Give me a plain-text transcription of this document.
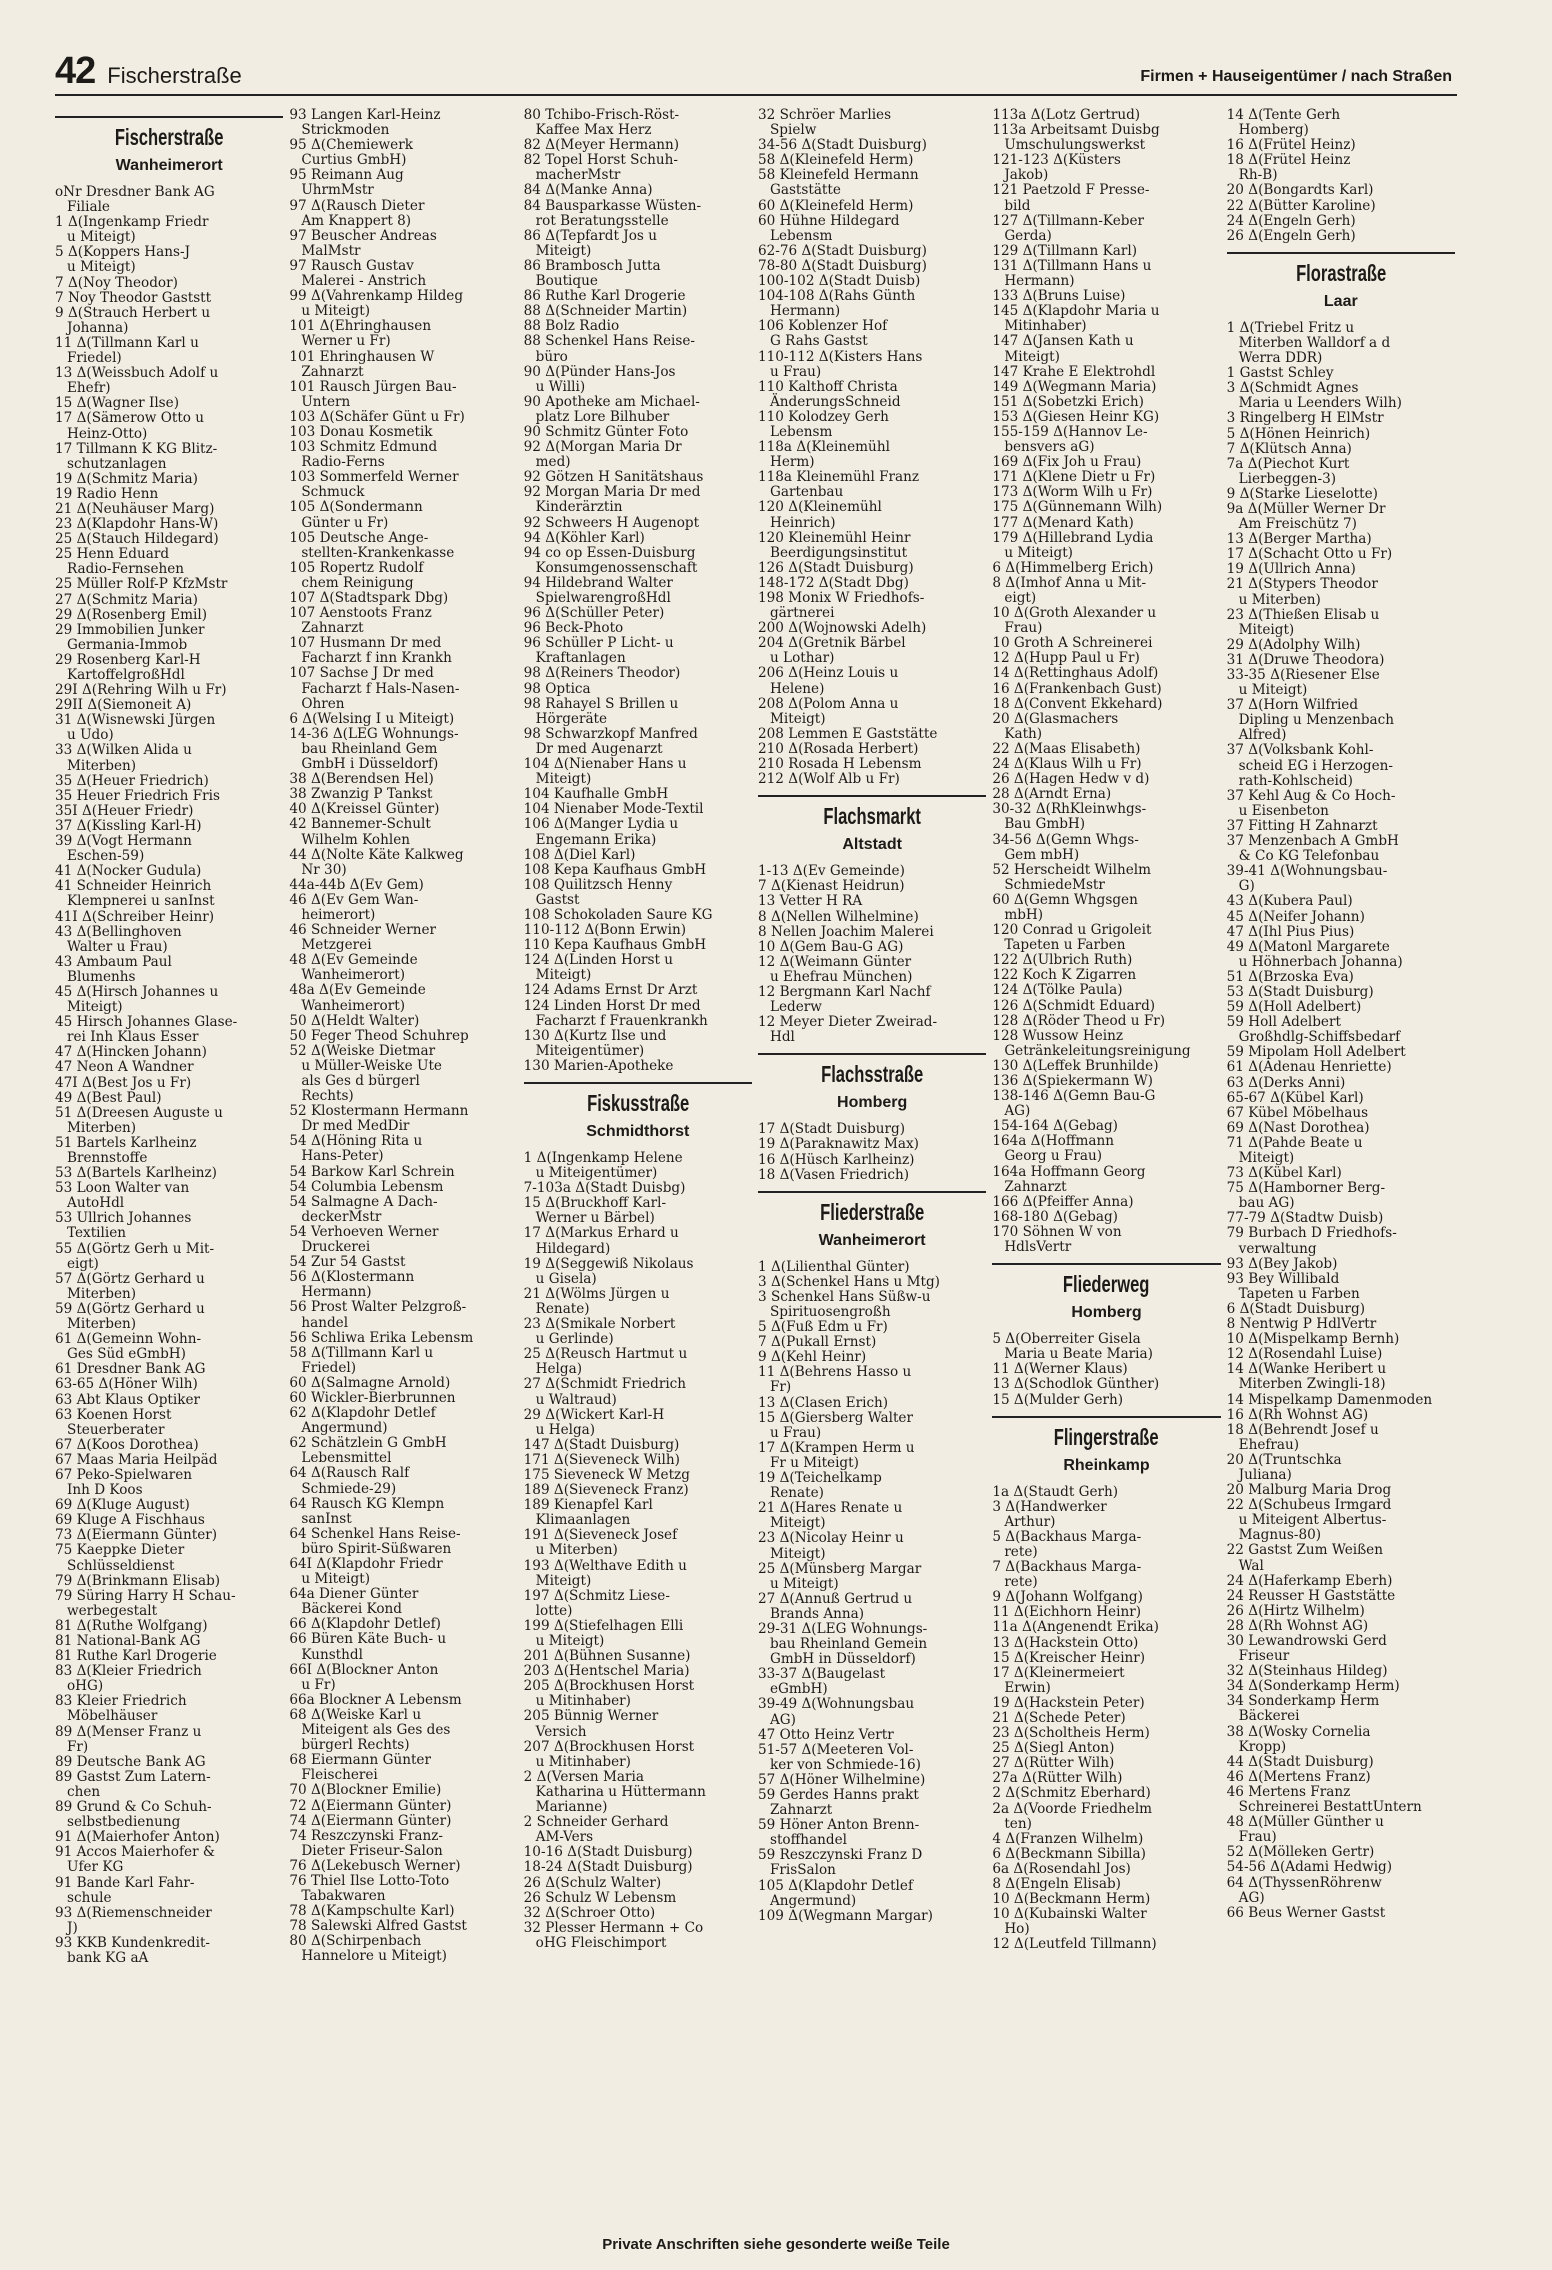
42 Fischerstraße	Firmen + Hauseigentümer / nach Straßen
Fischerstraße
Wanheimerort
oNr Dresdner Bank AG
Filiale
1 Δ(Ingenkamp Friedr
u Miteigt)
5 Δ(Koppers Hans-J
u Miteigt)
7 Δ(Noy Theodor)
7 Noy Theodor Gaststt
9 Δ(Strauch Herbert u
Johanna)
11 Δ(Tillmann Karl u
Friedel)
13 Δ(Weissbuch Adolf u
Ehefr)
15 Δ(Wagner Ilse)
17 Δ(Sämerow Otto u
Heinz-Otto)
17 Tillmann K KG Blitz-
schutzanlagen
19 Δ(Schmitz Maria)
19 Radio Henn
21 Δ(Neuhäuser Marg)
23 Δ(Klapdohr Hans-W)
25 Δ(Stauch Hildegard)
25 Henn Eduard
Radio-Fernsehen
25 Müller Rolf-P KfzMstr
27 Δ(Schmitz Maria)
29 Δ(Rosenberg Emil)
29 Immobilien Junker
Germania-Immob
29 Rosenberg Karl-H
KartoffelgroßHdl
29I Δ(Rehring Wilh u Fr)
29II Δ(Siemoneit A)
31 Δ(Wisnewski Jürgen
u Udo)
33 Δ(Wilken Alida u
Miterben)
35 Δ(Heuer Friedrich)
35 Heuer Friedrich Fris
35I Δ(Heuer Friedr)
37 Δ(Kissling Karl-H)
39 Δ(Vogt Hermann
Eschen-59)
41 Δ(Nocker Gudula)
41 Schneider Heinrich
Klempnerei u sanInst
41I Δ(Schreiber Heinr)
43 Δ(Bellinghoven
Walter u Frau)
43 Ambaum Paul
Blumenhs
45 Δ(Hirsch Johannes u
Miteigt)
45 Hirsch Johannes Glase-
rei Inh Klaus Esser
47 Δ(Hincken Johann)
47 Neon A Wandner
47I Δ(Best Jos u Fr)
49 Δ(Best Paul)
51 Δ(Dreesen Auguste u
Miterben)
51 Bartels Karlheinz
Brennstoffe
53 Δ(Bartels Karlheinz)
53 Loon Walter van
AutoHdl
53 Ullrich Johannes
Textilien
55 Δ(Görtz Gerh u Mit-
eigt)
57 Δ(Görtz Gerhard u
Miterben)
59 Δ(Görtz Gerhard u
Miterben)
61 Δ(Gemeinn Wohn-
Ges Süd eGmbH)
61 Dresdner Bank AG
63-65 Δ(Höner Wilh)
63 Abt Klaus Optiker
63 Koenen Horst
Steuerberater
67 Δ(Koos Dorothea)
67 Maas Maria Heilpäd
67 Peko-Spielwaren
Inh D Koos
69 Δ(Kluge August)
69 Kluge A Fischhaus
73 Δ(Eiermann Günter)
75 Kaeppke Dieter
Schlüsseldienst
79 Δ(Brinkmann Elisab)
79 Süring Harry H Schau-
werbegestalt
81 Δ(Ruthe Wolfgang)
81 National-Bank AG
81 Ruthe Karl Drogerie
83 Δ(Kleier Friedrich
oHG)
83 Kleier Friedrich
Möbelhäuser
89 Δ(Menser Franz u
Fr)
89 Deutsche Bank AG
89 Gastst Zum Latern-
chen
89 Grund & Co Schuh-
selbstbedienung
91 Δ(Maierhofer Anton)
91 Accos Maierhofer &
Ufer KG
91 Bande Karl Fahr-
schule
93 Δ(Riemenschneider
J)
93 KKB Kundenkredit-
bank KG aA
93 Langen Karl-Heinz
Strickmoden
95 Δ(Chemiewerk
Curtius GmbH)
95 Reimann Aug
UhrmMstr
97 Δ(Rausch Dieter
Am Knappert 8)
97 Beuscher Andreas
MalMstr
97 Rausch Gustav
Malerei - Anstrich
99 Δ(Vahrenkamp Hildeg
u Miteigt)
101 Δ(Ehringhausen
Werner u Fr)
101 Ehringhausen W
Zahnarzt
101 Rausch Jürgen Bau-
Untern
103 Δ(Schäfer Günt u Fr)
103 Donau Kosmetik
103 Schmitz Edmund
Radio-Ferns
103 Sommerfeld Werner
Schmuck
105 Δ(Sondermann
Günter u Fr)
105 Deutsche Ange-
stellten-Krankenkasse
105 Ropertz Rudolf
chem Reinigung
107 Δ(Stadtspark Dbg)
107 Aenstoots Franz
Zahnarzt
107 Husmann Dr med
Facharzt f inn Krankh
107 Sachse J Dr med
Facharzt f Hals-Nasen-
Ohren
6 Δ(Welsing I u Miteigt)
14-36 Δ(LEG Wohnungs-
bau Rheinland Gem
GmbH i Düsseldorf)
38 Δ(Berendsen Hel)
38 Zwanzig P Tankst
40 Δ(Kreissel Günter)
42 Bannemer-Schult
Wilhelm Kohlen
44 Δ(Nolte Käte Kalkweg
Nr 30)
44a-44b Δ(Ev Gem)
46 Δ(Ev Gem Wan-
heimerort)
46 Schneider Werner
Metzgerei
48 Δ(Ev Gemeinde
Wanheimerort)
48a Δ(Ev Gemeinde
Wanheimerort)
50 Δ(Heldt Walter)
50 Feger Theod Schuhrep
52 Δ(Weiske Dietmar
u Müller-Weiske Ute
als Ges d bürgerl
Rechts)
52 Klostermann Hermann
Dr med MedDir
54 Δ(Höning Rita u
Hans-Peter)
54 Barkow Karl Schrein
54 Columbia Lebensm
54 Salmagne A Dach-
deckerMstr
54 Verhoeven Werner
Druckerei
54 Zur 54 Gastst
56 Δ(Klostermann
Hermann)
56 Prost Walter Pelzgroß-
handel
56 Schliwa Erika Lebensm
58 Δ(Tillmann Karl u
Friedel)
60 Δ(Salmagne Arnold)
60 Wickler-Bierbrunnen
62 Δ(Klapdohr Detlef
Angermund)
62 Schätzlein G GmbH
Lebensmittel
64 Δ(Rausch Ralf
Schmiede-29)
64 Rausch KG Klempn
sanInst
64 Schenkel Hans Reise-
büro Spirit-Süßwaren
64I Δ(Klapdohr Friedr
u Miteigt)
64a Diener Günter
Bäckerei Kond
66 Δ(Klapdohr Detlef)
66 Büren Käte Buch- u
Kunsthdl
66I Δ(Blockner Anton
u Fr)
66a Blockner A Lebensm
68 Δ(Weiske Karl u
Miteigent als Ges des
bürgerl Rechts)
68 Eiermann Günter
Fleischerei
70 Δ(Blockner Emilie)
72 Δ(Eiermann Günter)
74 Δ(Eiermann Günter)
74 Reszczynski Franz-
Dieter Friseur-Salon
76 Δ(Lekebusch Werner)
76 Thiel Ilse Lotto-Toto
Tabakwaren
78 Δ(Kampschulte Karl)
78 Salewski Alfred Gastst
80 Δ(Schirpenbach
Hannelore u Miteigt)
80 Tchibo-Frisch-Röst-
Kaffee Max Herz
82 Δ(Meyer Hermann)
82 Topel Horst Schuh-
macherMstr
84 Δ(Manke Anna)
84 Bausparkasse Wüsten-
rot Beratungsstelle
86 Δ(Tepfardt Jos u
Miteigt)
86 Brambosch Jutta
Boutique
86 Ruthe Karl Drogerie
88 Δ(Schneider Martin)
88 Bolz Radio
88 Schenkel Hans Reise-
büro
90 Δ(Pünder Hans-Jos
u Willi)
90 Apotheke am Michael-
platz Lore Bilhuber
90 Schmitz Günter Foto
92 Δ(Morgan Maria Dr
med)
92 Götzen H Sanitätshaus
92 Morgan Maria Dr med
Kinderärztin
92 Schweers H Augenopt
94 Δ(Köhler Karl)
94 co op Essen-Duisburg
Konsumgenossenschaft
94 Hildebrand Walter
SpielwarengroßHdl
96 Δ(Schüller Peter)
96 Beck-Photo
96 Schüller P Licht- u
Kraftanlagen
98 Δ(Reiners Theodor)
98 Optica
98 Rahayel S Brillen u
Hörgeräte
98 Schwarzkopf Manfred
Dr med Augenarzt
104 Δ(Nienaber Hans u
Miteigt)
104 Kaufhalle GmbH
104 Nienaber Mode-Textil
106 Δ(Manger Lydia u
Engemann Erika)
108 Δ(Diel Karl)
108 Kepa Kaufhaus GmbH
108 Quilitzsch Henny
Gastst
108 Schokoladen Saure KG
110-112 Δ(Bonn Erwin)
110 Kepa Kaufhaus GmbH
124 Δ(Linden Horst u
Miteigt)
124 Adams Ernst Dr Arzt
124 Linden Horst Dr med
Facharzt f Frauenkrankh
130 Δ(Kurtz Ilse und
Miteigentümer)
130 Marien-Apotheke
Fiskusstraße
Schmidthorst
1 Δ(Ingenkamp Helene
u Miteigentümer)
7-103a Δ(Stadt Duisbg)
15 Δ(Bruckhoff Karl-
Werner u Bärbel)
17 Δ(Markus Erhard u
Hildegard)
19 Δ(Seggewiß Nikolaus
u Gisela)
21 Δ(Wölms Jürgen u
Renate)
23 Δ(Smikale Norbert
u Gerlinde)
25 Δ(Reusch Hartmut u
Helga)
27 Δ(Schmidt Friedrich
u Waltraud)
29 Δ(Wickert Karl-H
u Helga)
147 Δ(Stadt Duisburg)
171 Δ(Sieveneck Wilh)
175 Sieveneck W Metzg
189 Δ(Sieveneck Franz)
189 Kienapfel Karl
Klimaanlagen
191 Δ(Sieveneck Josef
u Miterben)
193 Δ(Welthave Edith u
Miteigt)
197 Δ(Schmitz Liese-
lotte)
199 Δ(Stiefelhagen Elli
u Miteigt)
201 Δ(Bühnen Susanne)
203 Δ(Hentschel Maria)
205 Δ(Brockhusen Horst
u Mitinhaber)
205 Bünnig Werner
Versich
207 Δ(Brockhusen Horst
u Mitinhaber)
2 Δ(Versen Maria
Katharina u Hüttermann
Marianne)
2 Schneider Gerhard
AM-Vers
10-16 Δ(Stadt Duisburg)
18-24 Δ(Stadt Duisburg)
26 Δ(Schulz Walter)
26 Schulz W Lebensm
32 Δ(Schroer Otto)
32 Plesser Hermann + Co
oHG Fleischimport
32 Schröer Marlies
Spielw
34-56 Δ(Stadt Duisburg)
58 Δ(Kleinefeld Herm)
58 Kleinefeld Hermann
Gaststätte
60 Δ(Kleinefeld Herm)
60 Hühne Hildegard
Lebensm
62-76 Δ(Stadt Duisburg)
78-80 Δ(Stadt Duisburg)
100-102 Δ(Stadt Duisb)
104-108 Δ(Rahs Günth
Hermann)
106 Koblenzer Hof
G Rahs Gastst
110-112 Δ(Kisters Hans
u Frau)
110 Kalthoff Christa
ÄnderungsSchneid
110 Kolodzey Gerh
Lebensm
118a Δ(Kleinemühl
Herm)
118a Kleinemühl Franz
Gartenbau
120 Δ(Kleinemühl
Heinrich)
120 Kleinemühl Heinr
Beerdigungsinstitut
126 Δ(Stadt Duisburg)
148-172 Δ(Stadt Dbg)
198 Monix W Friedhofs-
gärtnerei
200 Δ(Wojnowski Adelh)
204 Δ(Gretnik Bärbel
u Lothar)
206 Δ(Heinz Louis u
Helene)
208 Δ(Polom Anna u
Miteigt)
208 Lemmen E Gaststätte
210 Δ(Rosada Herbert)
210 Rosada H Lebensm
212 Δ(Wolf Alb u Fr)
Flachsmarkt
Altstadt
1-13 Δ(Ev Gemeinde)
7 Δ(Kienast Heidrun)
13 Vetter H RA
8 Δ(Nellen Wilhelmine)
8 Nellen Joachim Malerei
10 Δ(Gem Bau-G AG)
12 Δ(Weimann Günter
u Ehefrau München)
12 Bergmann Karl Nachf
Lederw
12 Meyer Dieter Zweirad-
Hdl
Flachsstraße
Homberg
17 Δ(Stadt Duisburg)
19 Δ(Paraknawitz Max)
16 Δ(Hüsch Karlheinz)
18 Δ(Vasen Friedrich)
Fliederstraße
Wanheimerort
1 Δ(Lilienthal Günter)
3 Δ(Schenkel Hans u Mtg)
3 Schenkel Hans Süßw-u
Spirituosengroßh
5 Δ(Fuß Edm u Fr)
7 Δ(Pukall Ernst)
9 Δ(Kehl Heinr)
11 Δ(Behrens Hasso u
Fr)
13 Δ(Clasen Erich)
15 Δ(Giersberg Walter
u Frau)
17 Δ(Krampen Herm u
Fr u Miteigt)
19 Δ(Teichelkamp
Renate)
21 Δ(Hares Renate u
Miteigt)
23 Δ(Nicolay Heinr u
Miteigt)
25 Δ(Münsberg Margar
u Miteigt)
27 Δ(Annuß Gertrud u
Brands Anna)
29-31 Δ(LEG Wohnungs-
bau Rheinland Gemein
GmbH in Düsseldorf)
33-37 Δ(Baugelast
eGmbH)
39-49 Δ(Wohnungsbau
AG)
47 Otto Heinz Vertr
51-57 Δ(Meeteren Vol-
ker von Schmiede-16)
57 Δ(Höner Wilhelmine)
59 Gerdes Hanns prakt
Zahnarzt
59 Höner Anton Brenn-
stoffhandel
59 Reszczynski Franz D
FrisSalon
105 Δ(Klapdohr Detlef
Angermund)
109 Δ(Wegmann Margar)
113a Δ(Lotz Gertrud)
113a Arbeitsamt Duisbg
Umschulungswerkst
121-123 Δ(Küsters
Jakob)
121 Paetzold F Presse-
bild
127 Δ(Tillmann-Keber
Gerda)
129 Δ(Tillmann Karl)
131 Δ(Tillmann Hans u
Hermann)
133 Δ(Bruns Luise)
145 Δ(Klapdohr Maria u
Mitinhaber)
147 Δ(Jansen Kath u
Miteigt)
147 Krahe E Elektrohdl
149 Δ(Wegmann Maria)
151 Δ(Sobetzki Erich)
153 Δ(Giesen Heinr KG)
155-159 Δ(Hannov Le-
bensvers aG)
169 Δ(Fix Joh u Frau)
171 Δ(Klene Dietr u Fr)
173 Δ(Worm Wilh u Fr)
175 Δ(Günnemann Wilh)
177 Δ(Menard Kath)
179 Δ(Hillebrand Lydia
u Miteigt)
6 Δ(Himmelberg Erich)
8 Δ(Imhof Anna u Mit-
eigt)
10 Δ(Groth Alexander u
Frau)
10 Groth A Schreinerei
12 Δ(Hupp Paul u Fr)
14 Δ(Rettinghaus Adolf)
16 Δ(Frankenbach Gust)
18 Δ(Convent Ekkehard)
20 Δ(Glasmachers
Kath)
22 Δ(Maas Elisabeth)
24 Δ(Klaus Wilh u Fr)
26 Δ(Hagen Hedw v d)
28 Δ(Arndt Erna)
30-32 Δ(RhKleinwhgs-
Bau GmbH)
34-56 Δ(Gemn Whgs-
Gem mbH)
52 Herscheidt Wilhelm
SchmiedeMstr
60 Δ(Gemn Whgsgen
mbH)
120 Conrad u Grigoleit
Tapeten u Farben
122 Δ(Ulbrich Ruth)
122 Koch K Zigarren
124 Δ(Tölke Paula)
126 Δ(Schmidt Eduard)
128 Δ(Röder Theod u Fr)
128 Wussow Heinz
Getränkeleitungsreinigung
130 Δ(Leffek Brunhilde)
136 Δ(Spiekermann W)
138-146 Δ(Gemn Bau-G
AG)
154-164 Δ(Gebag)
164a Δ(Hoffmann
Georg u Frau)
164a Hoffmann Georg
Zahnarzt
166 Δ(Pfeiffer Anna)
168-180 Δ(Gebag)
170 Söhnen W von
HdlsVertr
Fliederweg
Homberg
5 Δ(Oberreiter Gisela
Maria u Beate Maria)
11 Δ(Werner Klaus)
13 Δ(Schodlok Günther)
15 Δ(Mulder Gerh)
Flingerstraße
Rheinkamp
1a Δ(Staudt Gerh)
3 Δ(Handwerker
Arthur)
5 Δ(Backhaus Marga-
rete)
7 Δ(Backhaus Marga-
rete)
9 Δ(Johann Wolfgang)
11 Δ(Eichhorn Heinr)
11a Δ(Angenendt Erika)
13 Δ(Hackstein Otto)
15 Δ(Kreischer Heinr)
17 Δ(Kleinermeiert
Erwin)
19 Δ(Hackstein Peter)
21 Δ(Schede Peter)
23 Δ(Scholtheis Herm)
25 Δ(Siegl Anton)
27 Δ(Rütter Wilh)
27a Δ(Rütter Wilh)
2 Δ(Schmitz Eberhard)
2a Δ(Voorde Friedhelm
ten)
4 Δ(Franzen Wilhelm)
6 Δ(Beckmann Sibilla)
6a Δ(Rosendahl Jos)
8 Δ(Engeln Elisab)
10 Δ(Beckmann Herm)
10 Δ(Kubainski Walter
Ho)
12 Δ(Leutfeld Tillmann)
14 Δ(Tente Gerh
Homberg)
16 Δ(Frütel Heinz)
18 Δ(Frütel Heinz
Rh-B)
20 Δ(Bongardts Karl)
22 Δ(Bütter Karoline)
24 Δ(Engeln Gerh)
26 Δ(Engeln Gerh)
Florastraße
Laar
1 Δ(Triebel Fritz u
Miterben Walldorf a d
Werra DDR)
1 Gastst Schley
3 Δ(Schmidt Agnes
Maria u Leenders Wilh)
3 Ringelberg H ElMstr
5 Δ(Hönen Heinrich)
7 Δ(Klütsch Anna)
7a Δ(Piechot Kurt
Lierbeggen-3)
9 Δ(Starke Lieselotte)
9a Δ(Müller Werner Dr
Am Freischütz 7)
13 Δ(Berger Martha)
17 Δ(Schacht Otto u Fr)
19 Δ(Ullrich Anna)
21 Δ(Stypers Theodor
u Miterben)
23 Δ(Thießen Elisab u
Miteigt)
29 Δ(Adolphy Wilh)
31 Δ(Druwe Theodora)
33-35 Δ(Riesener Else
u Miteigt)
37 Δ(Horn Wilfried
Dipling u Menzenbach
Alfred)
37 Δ(Volksbank Kohl-
scheid EG i Herzogen-
rath-Kohlscheid)
37 Kehl Aug & Co Hoch-
u Eisenbeton
37 Fitting H Zahnarzt
37 Menzenbach A GmbH
& Co KG Telefonbau
39-41 Δ(Wohnungsbau-
G)
43 Δ(Kubera Paul)
45 Δ(Neifer Johann)
47 Δ(Ihl Pius Pius)
49 Δ(Matonl Margarete
u Höhnerbach Johanna)
51 Δ(Brzoska Eva)
53 Δ(Stadt Duisburg)
59 Δ(Holl Adelbert)
59 Holl Adelbert
Großhdlg-Schiffsbedarf
59 Mipolam Holl Adelbert
61 Δ(Adenau Henriette)
63 Δ(Derks Anni)
65-67 Δ(Kübel Karl)
67 Kübel Möbelhaus
69 Δ(Nast Dorothea)
71 Δ(Pahde Beate u
Miteigt)
73 Δ(Kübel Karl)
75 Δ(Hamborner Berg-
bau AG)
77-79 Δ(Stadtw Duisb)
79 Burbach D Friedhofs-
verwaltung
93 Δ(Bey Jakob)
93 Bey Willibald
Tapeten u Farben
6 Δ(Stadt Duisburg)
8 Nentwig P HdlVertr
10 Δ(Mispelkamp Bernh)
12 Δ(Rosendahl Luise)
14 Δ(Wanke Heribert u
Miterben Zwingli-18)
14 Mispelkamp Damenmoden
16 Δ(Rh Wohnst AG)
18 Δ(Behrendt Josef u
Ehefrau)
20 Δ(Truntschka
Juliana)
20 Malburg Maria Drog
22 Δ(Schubeus Irmgard
u Miteigent Albertus-
Magnus-80)
22 Gastst Zum Weißen
Wal
24 Δ(Haferkamp Eberh)
24 Reusser H Gaststätte
26 Δ(Hirtz Wilhelm)
28 Δ(Rh Wohnst AG)
30 Lewandrowski Gerd
Friseur
32 Δ(Steinhaus Hildeg)
34 Δ(Sonderkamp Herm)
34 Sonderkamp Herm
Bäckerei
38 Δ(Wosky Cornelia
Kropp)
44 Δ(Stadt Duisburg)
46 Δ(Mertens Franz)
46 Mertens Franz
Schreinerei BestattUntern
48 Δ(Müller Günther u
Frau)
52 Δ(Mölleken Gertr)
54-56 Δ(Adami Hedwig)
64 Δ(ThyssenRöhrenw
AG)
66 Beus Werner Gastst
Private Anschriften siehe gesonderte weiße Teile
